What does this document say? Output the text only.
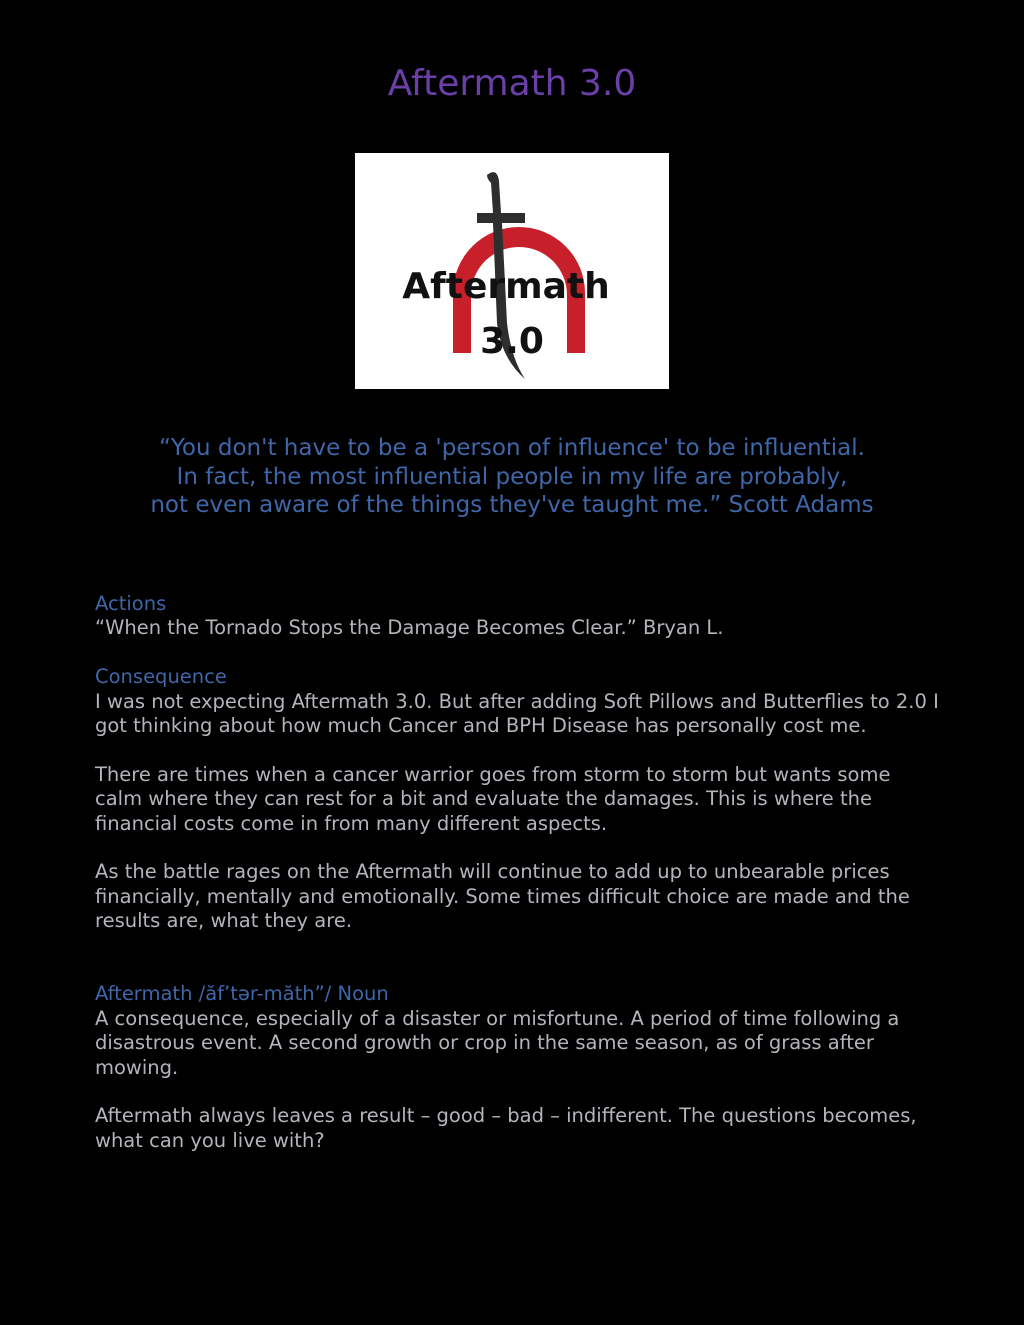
Aftermath 3.0
Aftermath
3.0
“You don't have to be a 'person of influence' to be influential.
In fact, the most influential people in my life are probably,
not even aware of the things they've taught me.” Scott Adams
Actions
“When the Tornado Stops the Damage Becomes Clear.” Bryan L.
Consequence
I was not expecting Aftermath 3.0. But after adding Soft Pillows and Butterflies to 2.0 I got thinking about how much Cancer and BPH Disease has personally cost me.
There are times when a cancer warrior goes from storm to storm but wants some calm where they can rest for a bit and evaluate the damages. This is where the financial costs come in from many different aspects.
As the battle rages on the Aftermath will continue to add up to unbearable prices financially, mentally and emotionally. Some times difficult choice are made and the results are, what they are.
Aftermath /ăf’tər-măth”/ Noun
A consequence, especially of a disaster or misfortune. A period of time following a disastrous event. A second growth or crop in the same season, as of grass after mowing.
Aftermath always leaves a result – good – bad – indifferent. The questions becomes, what can you live with?
